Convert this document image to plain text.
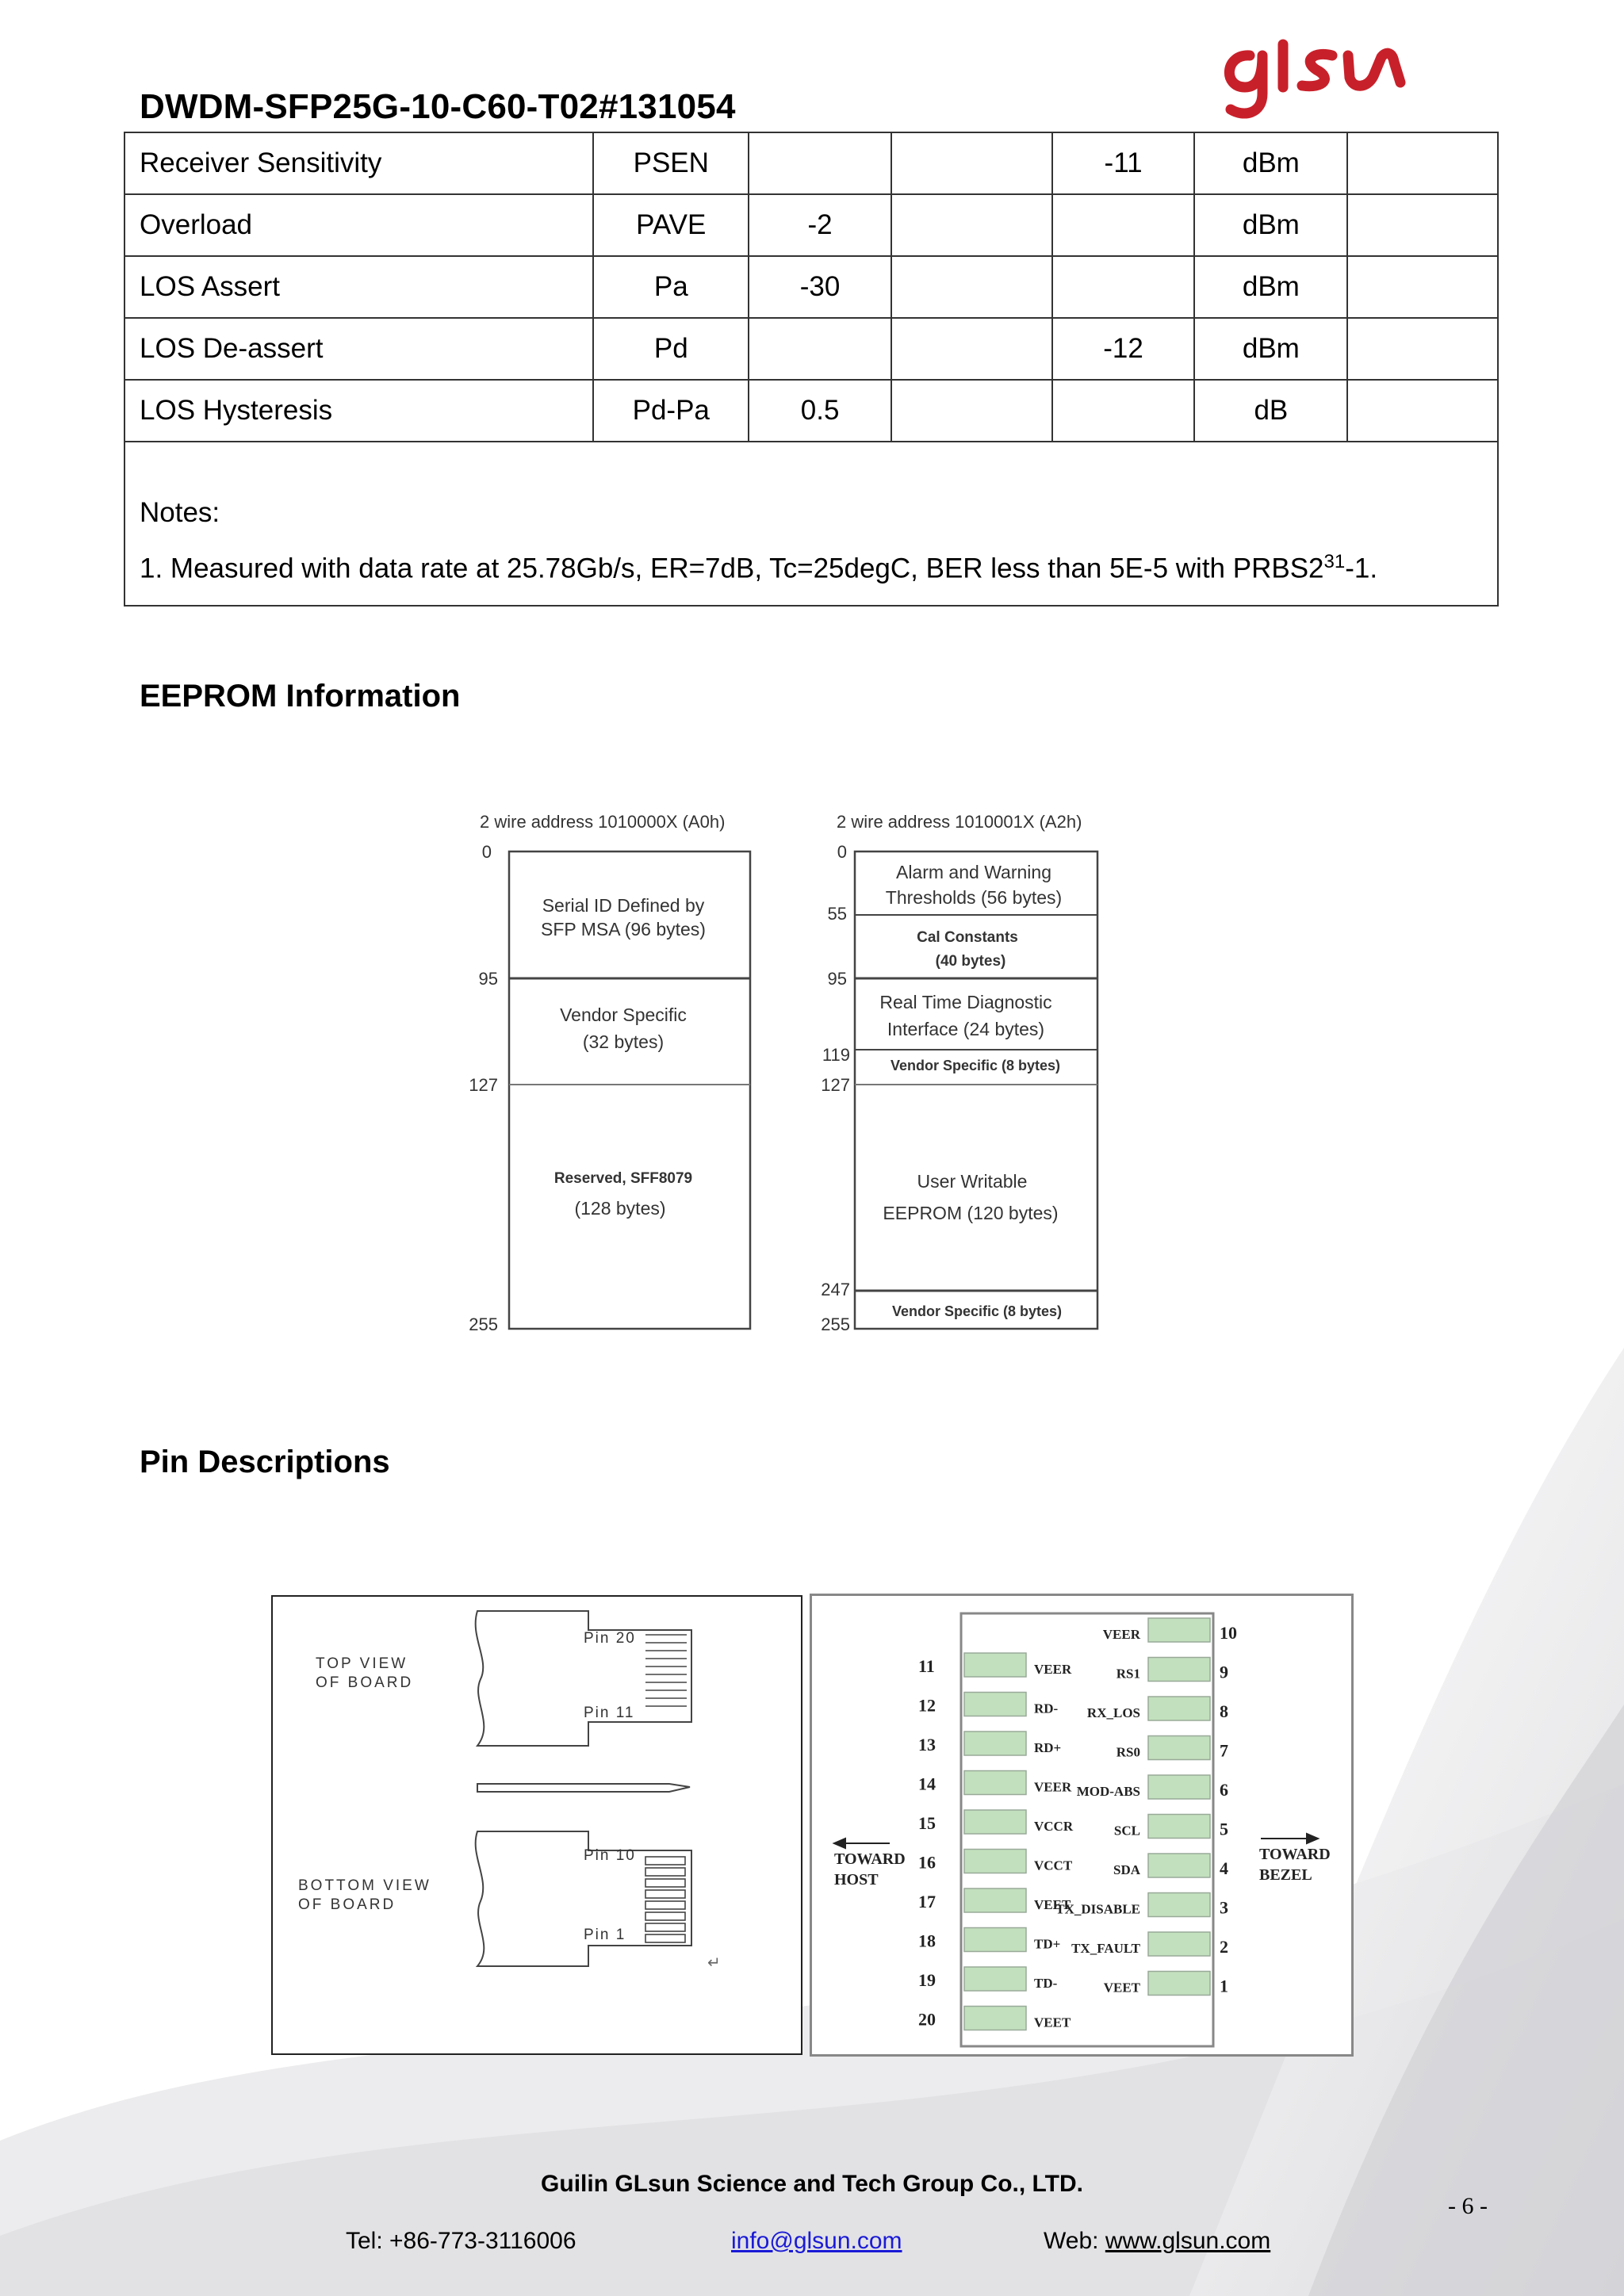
DWDM-SFP25G-10-C60-T02#131054
Receiver Sensitivity	PSEN			-11	dBm	
Overload	PAVE	-2			dBm	
LOS Assert	Pa	-30			dBm	
LOS De-assert	Pd			-12	dBm	
LOS Hysteresis	Pd-Pa	0.5			dB	

Notes:
1. Measured with data rate at 25.78Gb/s, ER=7dB, Tc=25degC, BER less than 5E-5 with $PRBS2^{31}-1$.						
EEPROM Information
2 wire address 1010000X (A0h)	2 wire address 1010001X (A2h)
0
95
127
255
Serial ID Defined by
SFP MSA (96 bytes)
Vendor Specific
(32 bytes)
Reserved, SFF8079
(128 bytes)
0
55
95
119
127
247
255
Alarm and Warning
Thresholds (56 bytes)
Cal Constants
(40 bytes)
Real Time Diagnostic
Interface (24 bytes)
Vendor Specific (8 bytes)
User Writable
EEPROM (120 bytes)
Vendor Specific (8 bytes)
Pin Descriptions
TOP VIEW
OF BOARD
BOTTOM VIEW
OF BOARD
Pin 20
Pin 11
Pin 10
Pin 1
↵
TOWARD
HOST
TOWARD
BEZEL
11	VEER
12	RD-
13	RD+
14	VEER
15	VCCR
16	VCCT
17	VEET
18	TD+
19	TD-
20	VEET
10
VEER
9
RS1
8
RX_LOS
7
RS0
6
MOD-ABS
5
SCL
4
SDA
3
TX_DISABLE
2
TX_FAULT
1
VEET
Guilin GLsun Science and Tech Group Co., LTD.
- 6 -
Tel: +86-773-3116006	info@glsun.com	Web: www.glsun.com
